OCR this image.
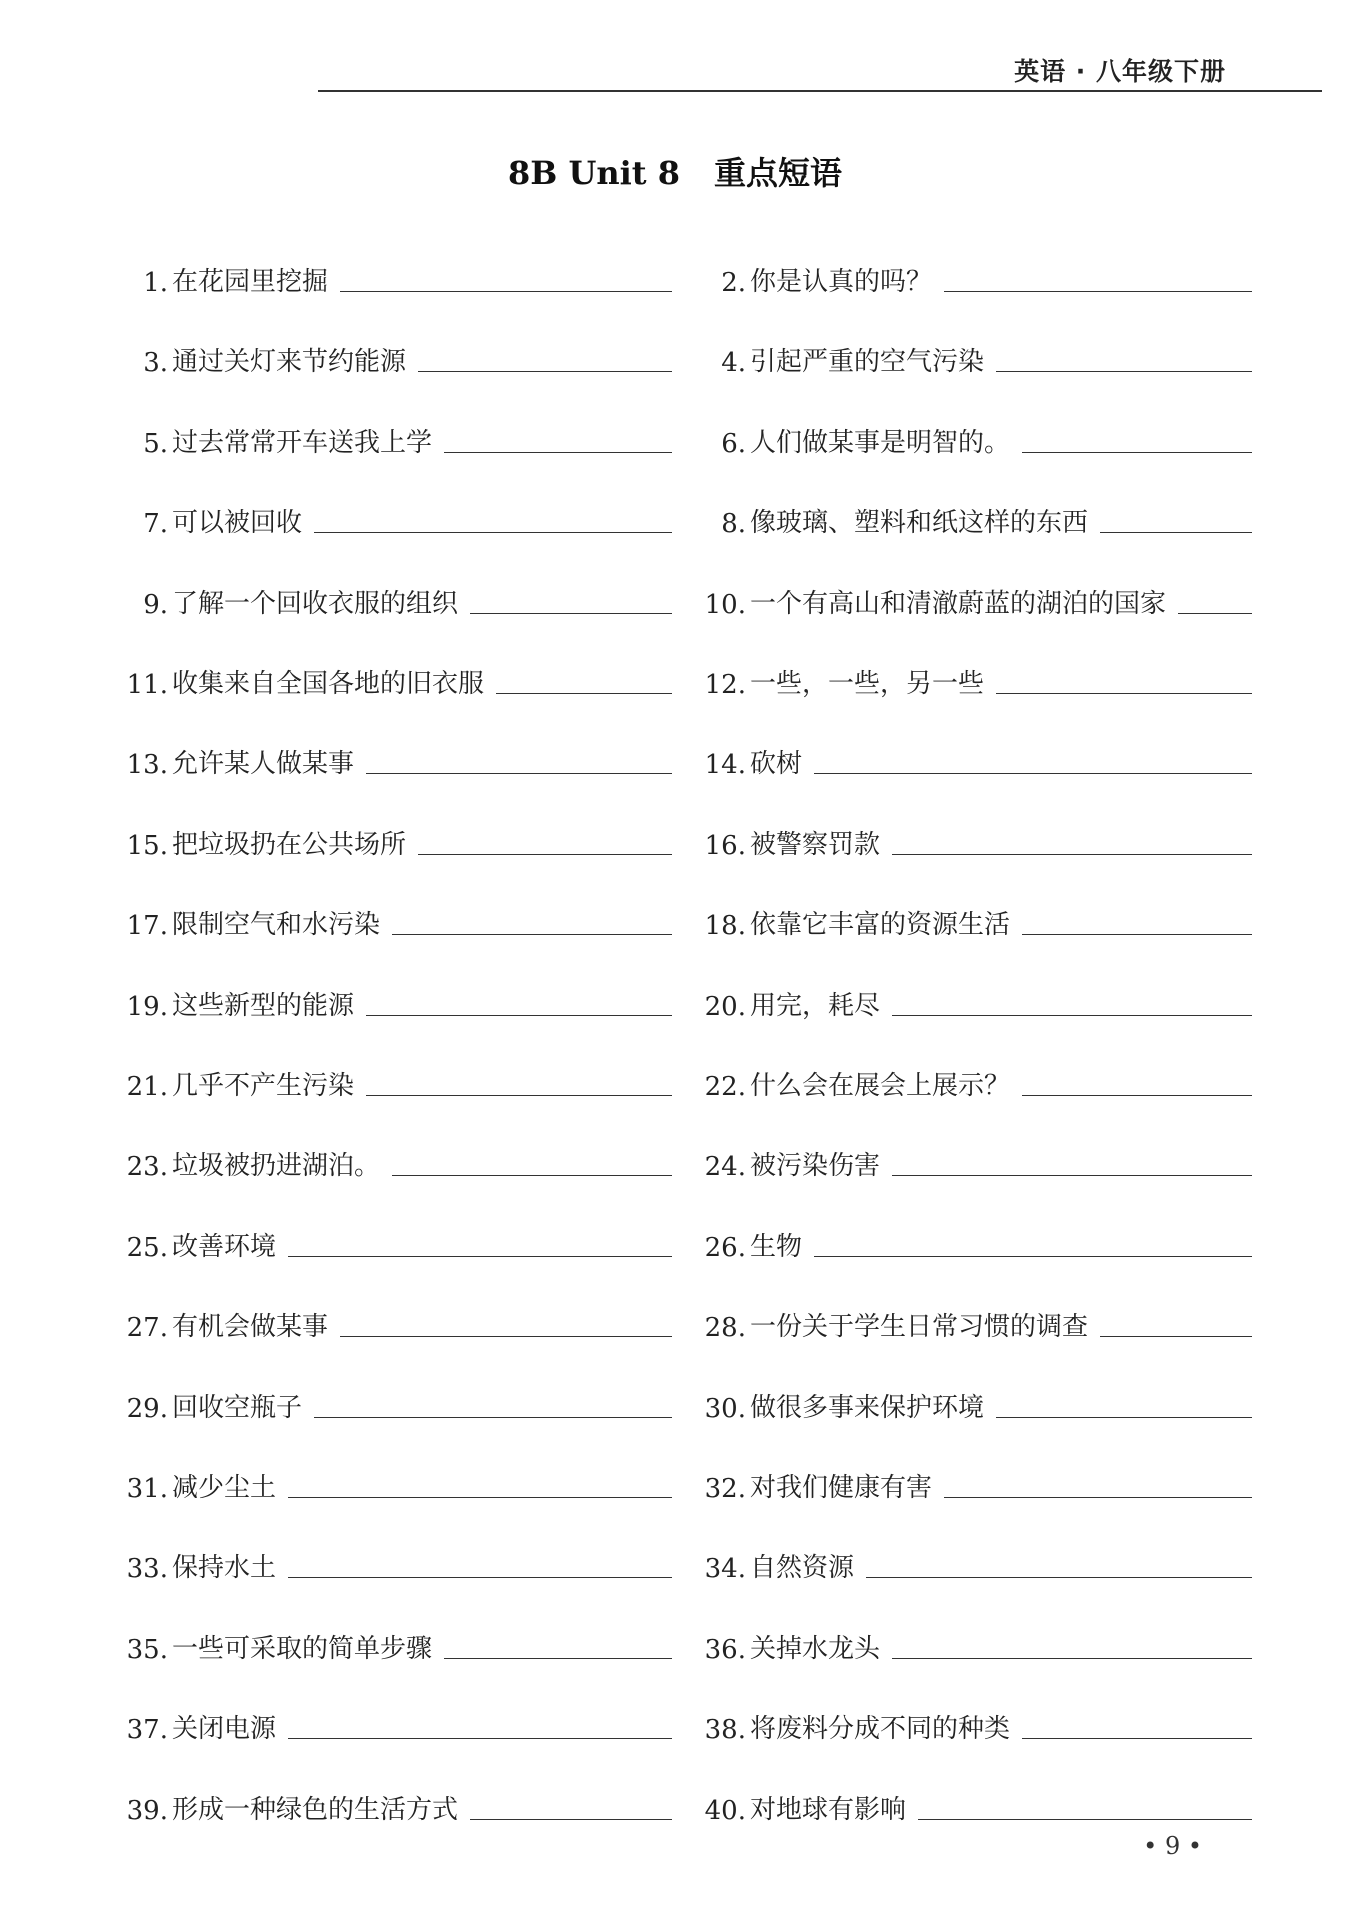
英语 · 八年级下册
8B Unit 8 重点短语
1. 在花园里挖掘	2. 你是认真的吗？
3. 通过关灯来节约能源	4. 引起严重的空气污染
5. 过去常常开车送我上学	6. 人们做某事是明智的。
7. 可以被回收	8. 像玻璃、塑料和纸这样的东西
9. 了解一个回收衣服的组织	10. 一个有高山和清澈蔚蓝的湖泊的国家
11. 收集来自全国各地的旧衣服	12. 一些，一些，另一些
13. 允许某人做某事	14. 砍树
15. 把垃圾扔在公共场所	16. 被警察罚款
17. 限制空气和水污染	18. 依靠它丰富的资源生活
19. 这些新型的能源	20. 用完，耗尽
21. 几乎不产生污染	22. 什么会在展会上展示？
23. 垃圾被扔进湖泊。	24. 被污染伤害
25. 改善环境	26. 生物
27. 有机会做某事	28. 一份关于学生日常习惯的调查
29. 回收空瓶子	30. 做很多事来保护环境
31. 减少尘土	32. 对我们健康有害
33. 保持水土	34. 自然资源
35. 一些可采取的简单步骤	36. 关掉水龙头
37. 关闭电源	38. 将废料分成不同的种类
39. 形成一种绿色的生活方式	40. 对地球有影响
• 9 •
